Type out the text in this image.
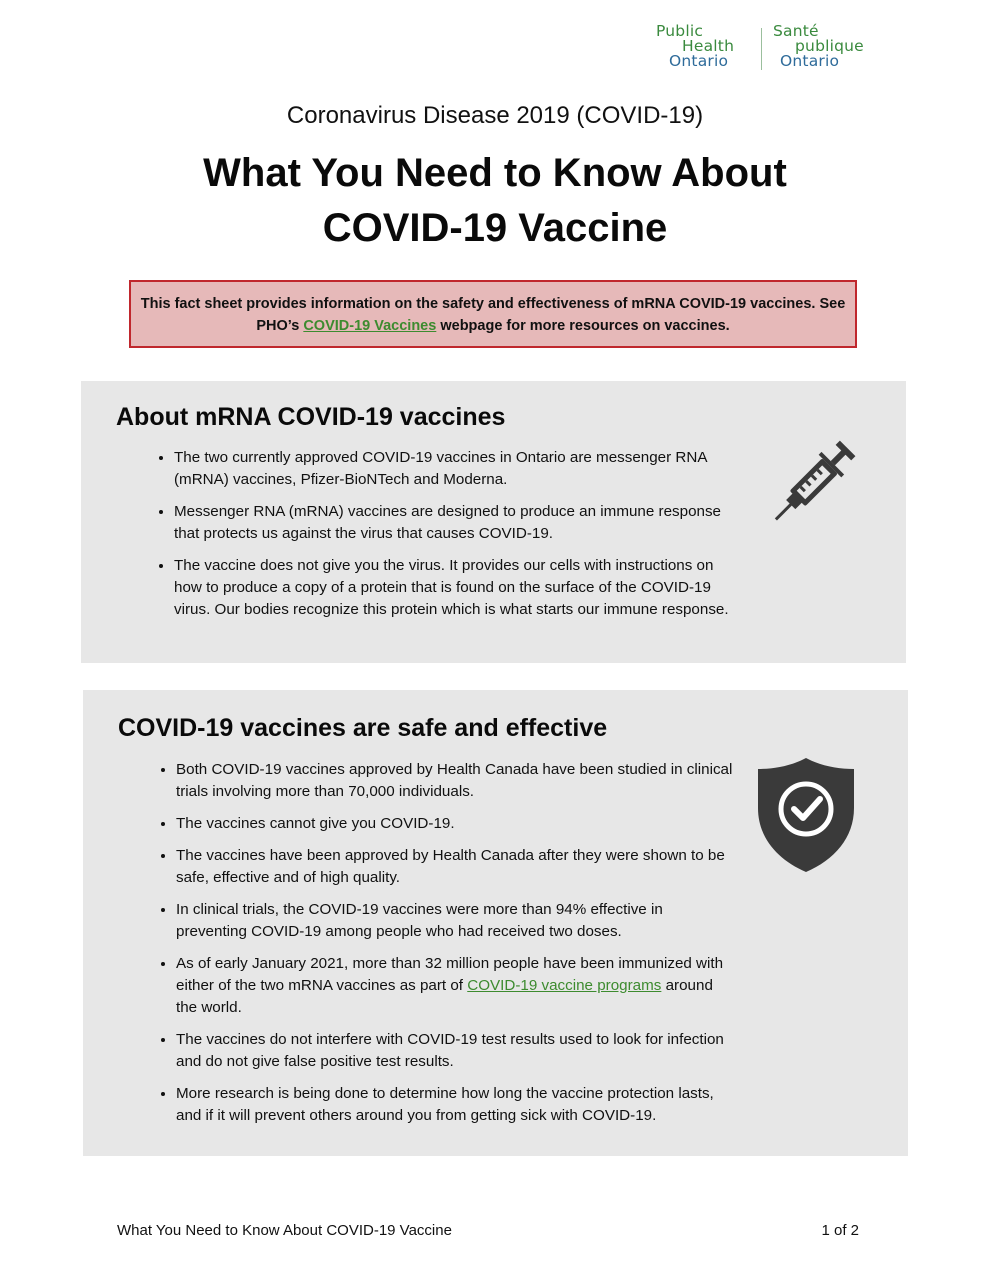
Public
Health
Ontario
Santé
publique
Ontario
Coronavirus Disease 2019 (COVID-19)
What You Need to Know About
COVID-19 Vaccine
This fact sheet provides information on the safety and effectiveness of mRNA COVID-19 vaccines. See PHO’s COVID-19 Vaccines webpage for more resources on vaccines.
About mRNA COVID-19 vaccines
• The two currently approved COVID-19 vaccines in Ontario are messenger RNA (mRNA) vaccines, Pfizer-BioNTech and Moderna.
• Messenger RNA (mRNA) vaccines are designed to produce an immune response that protects us against the virus that causes COVID-19.
• The vaccine does not give you the virus. It provides our cells with instructions on how to produce a copy of a protein that is found on the surface of the COVID-19 virus. Our bodies recognize this protein which is what starts our immune response.
COVID-19 vaccines are safe and effective
• Both COVID-19 vaccines approved by Health Canada have been studied in clinical trials involving more than 70,000 individuals.
• The vaccines cannot give you COVID-19.
• The vaccines have been approved by Health Canada after they were shown to be safe, effective and of high quality.
• In clinical trials, the COVID-19 vaccines were more than 94% effective in preventing COVID-19 among people who had received two doses.
• As of early January 2021, more than 32 million people have been immunized with either of the two mRNA vaccines as part of COVID-19 vaccine programs around the world.
• The vaccines do not interfere with COVID-19 test results used to look for infection and do not give false positive test results.
• More research is being done to determine how long the vaccine protection lasts, and if it will prevent others around you from getting sick with COVID-19.
What You Need to Know About COVID-19 Vaccine	1 of 2
